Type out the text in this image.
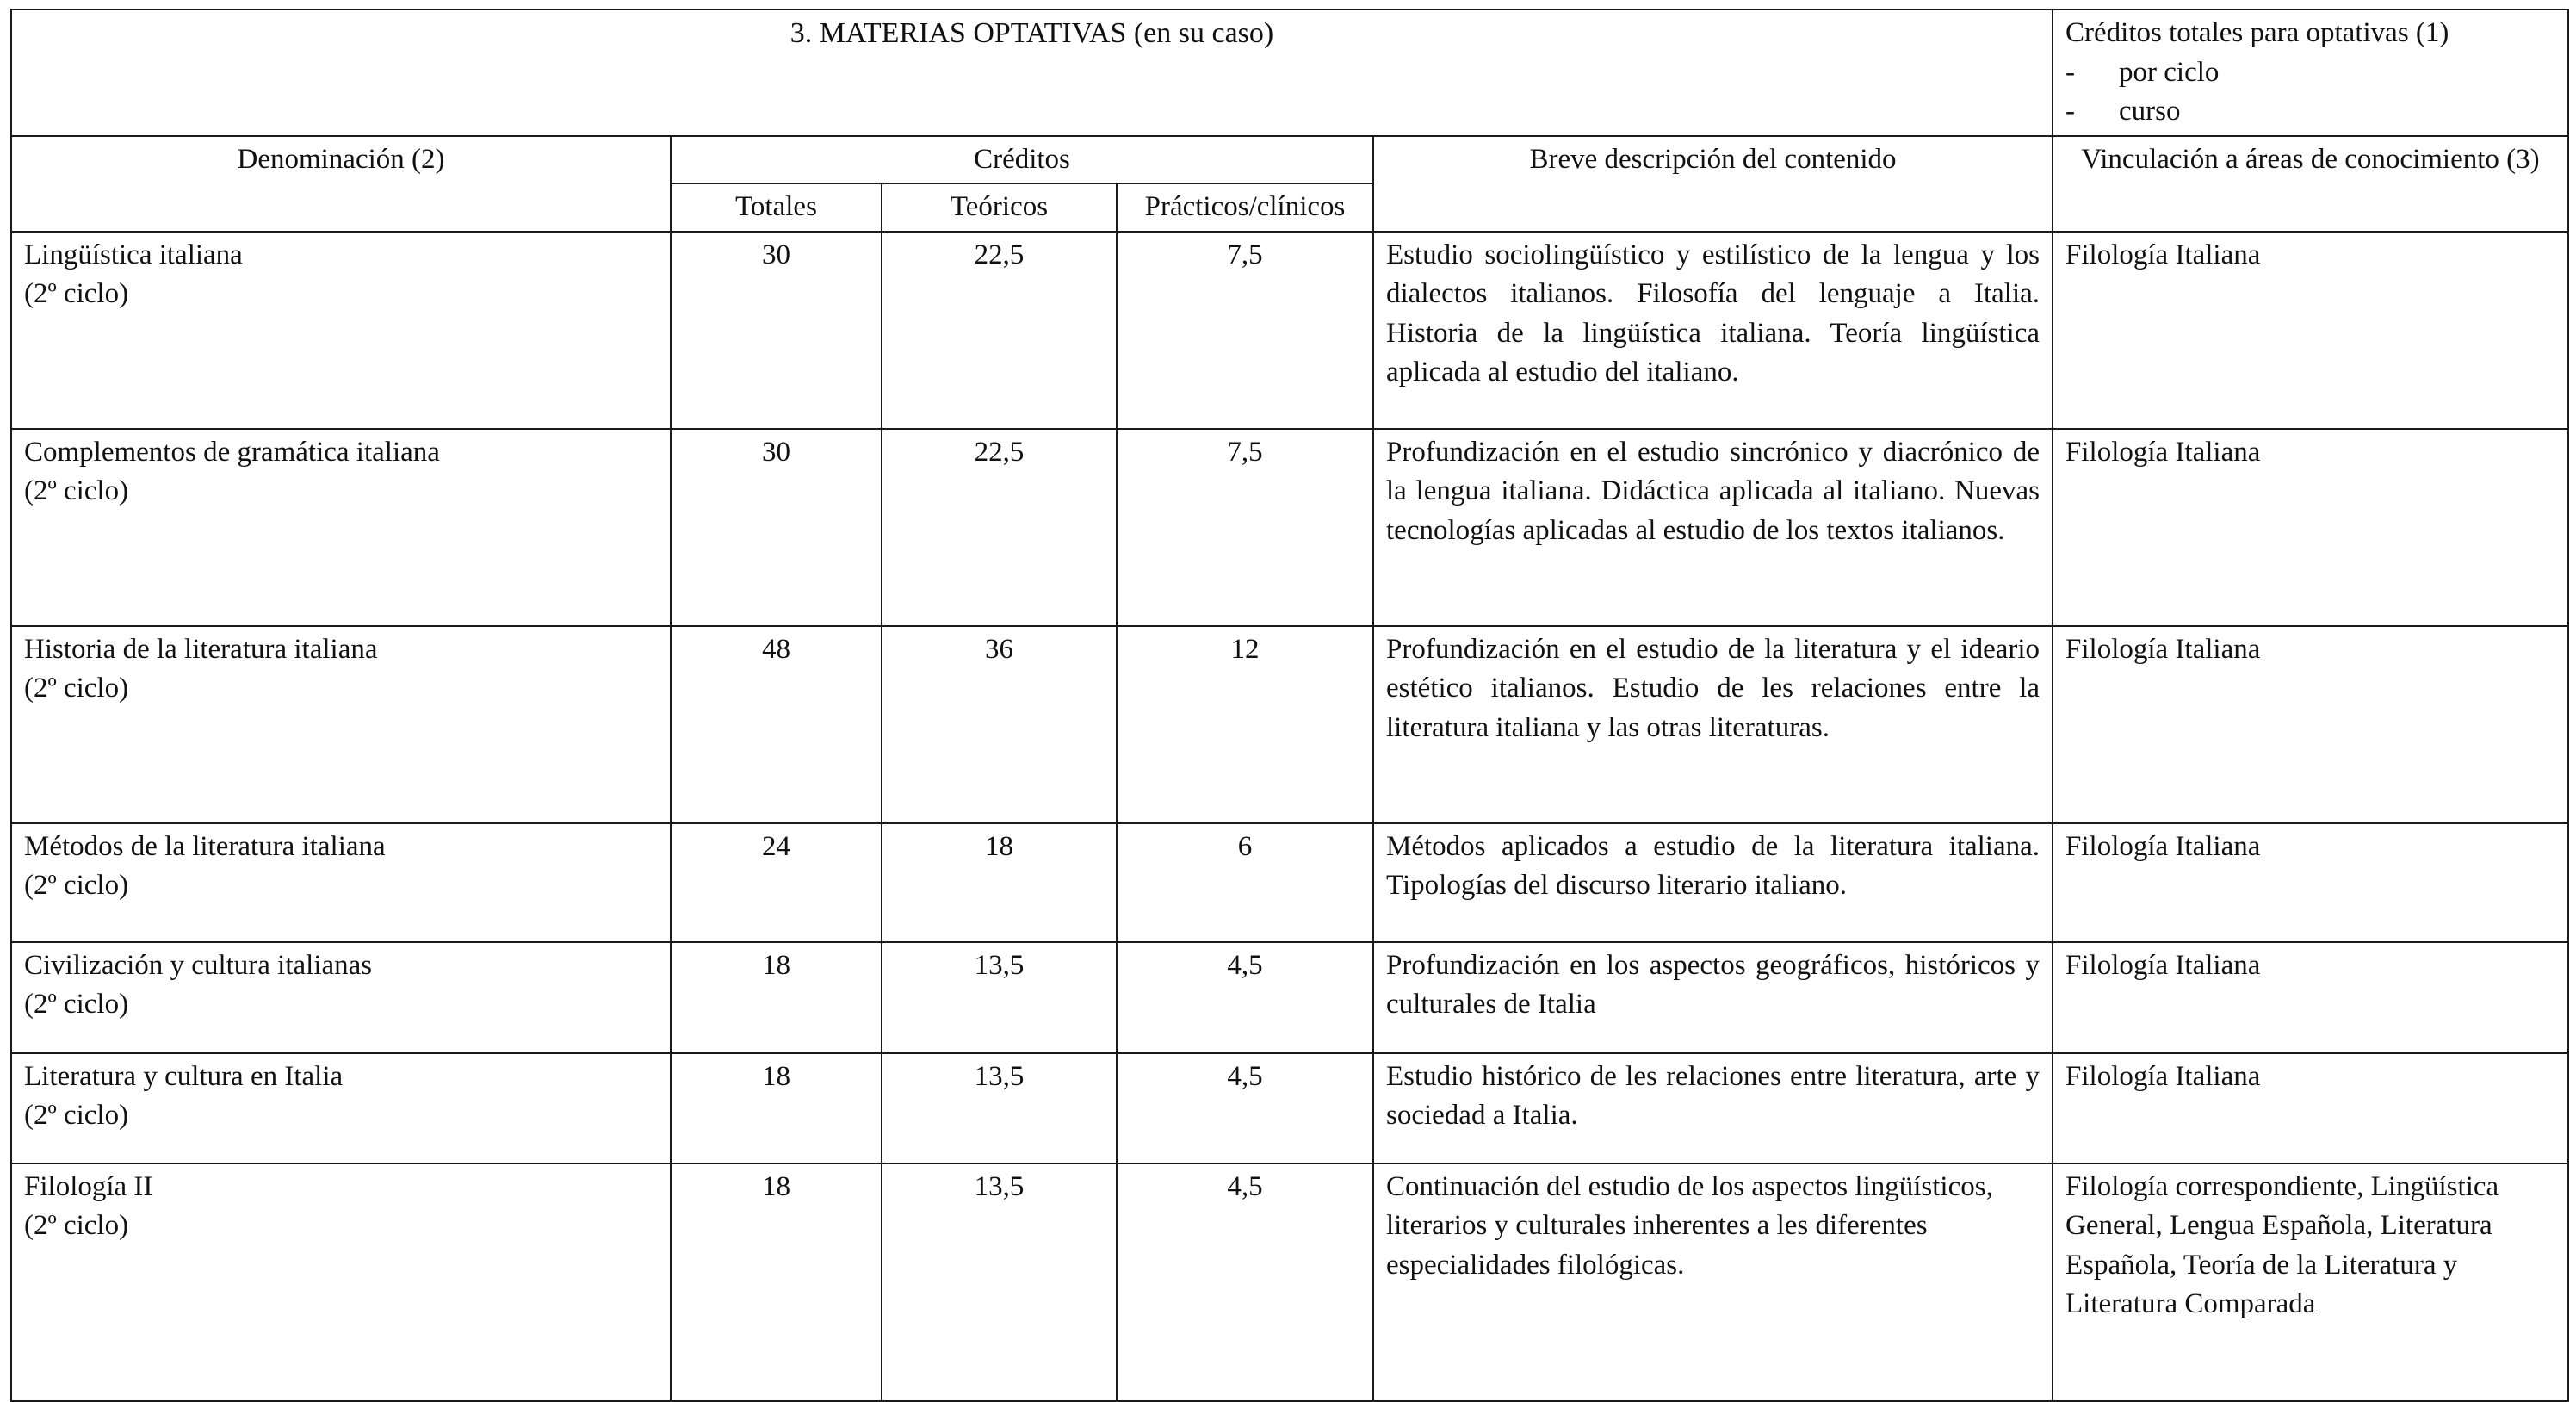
3. MATERIAS OPTATIVAS (en su caso)					Créditos totales para optativas (1)
- por ciclo
- curso

Denominación (2)	Créditos			Breve descripción del contenido	Vinculación a áreas de conocimiento (3)
	Totales	Teóricos	Prácticos/clínicos		

Lingüística italiana
(2º ciclo)	30	22,5	7,5	Estudio sociolingüístico y estilístico de la lengua y los dialectos italianos. Filosofía del lenguaje a Italia. Historia de la lingüística italiana. Teoría lingüística aplicada al estudio del italiano.	Filología Italiana

Complementos de gramática italiana
(2º ciclo)	30	22,5	7,5	Profundización en el estudio sincrónico y diacrónico de la lengua italiana. Didáctica aplicada al italiano. Nuevas tecnologías aplicadas al estudio de los textos italianos.	Filología Italiana

Historia de la literatura italiana
(2º ciclo)	48	36	12	Profundización en el estudio de la literatura y el ideario estético italianos. Estudio de les relaciones entre la literatura italiana y las otras literaturas.	Filología Italiana

Métodos de la literatura italiana
(2º ciclo)	24	18	6	Métodos aplicados a estudio de la literatura italiana. Tipologías del discurso literario italiano.	Filología Italiana

Civilización y cultura italianas
(2º ciclo)	18	13,5	4,5	Profundización en los aspectos geográficos, históricos y culturales de Italia	Filología Italiana

Literatura y cultura en Italia
(2º ciclo)	18	13,5	4,5	Estudio histórico de les relaciones entre literatura, arte y sociedad a Italia.	Filología Italiana

Filología II
(2º ciclo)	18	13,5	4,5	Continuación del estudio de los aspectos lingüísticos, literarios y culturales inherentes a les diferentes especialidades filológicas.	Filología correspondiente, Lingüística General, Lengua Española, Literatura Española, Teoría de la Literatura y Literatura Comparada
